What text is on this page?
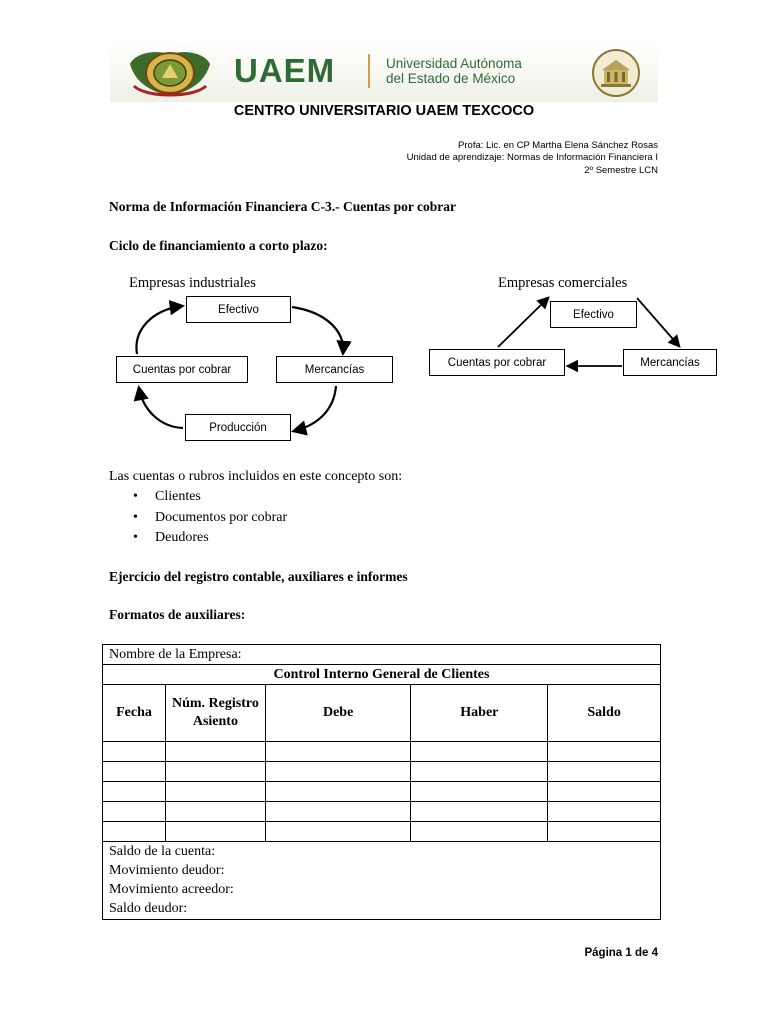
UAEM	Universidad Autónoma
del Estado de México
CENTRO UNIVERSITARIO UAEM TEXCOCO
Profa: Lic. en CP Martha Elena Sánchez Rosas
Unidad de aprendizaje: Normas de Información Financiera I
2º Semestre LCN
Norma de Información Financiera C-3.- Cuentas por cobrar
Ciclo de financiamiento a corto plazo:
Empresas industriales
Efectivo
Cuentas por cobrar	Mercancías
Producción
Empresas comerciales
Efectivo
Cuentas por cobrar	Mercancías
Las cuentas o rubros incluidos en este concepto son:
• Clientes
• Documentos por cobrar
• Deudores
Ejercicio del registro contable, auxiliares e informes
Formatos de auxiliares:
Nombre de la Empresa:				
Control Interno General de Clientes				
Fecha	Núm. Registro Asiento	Debe	Haber	Saldo

Saldo de la cuenta:
Movimiento deudor:
Movimiento acreedor:
Saldo deudor:				
Página 1 de 4
